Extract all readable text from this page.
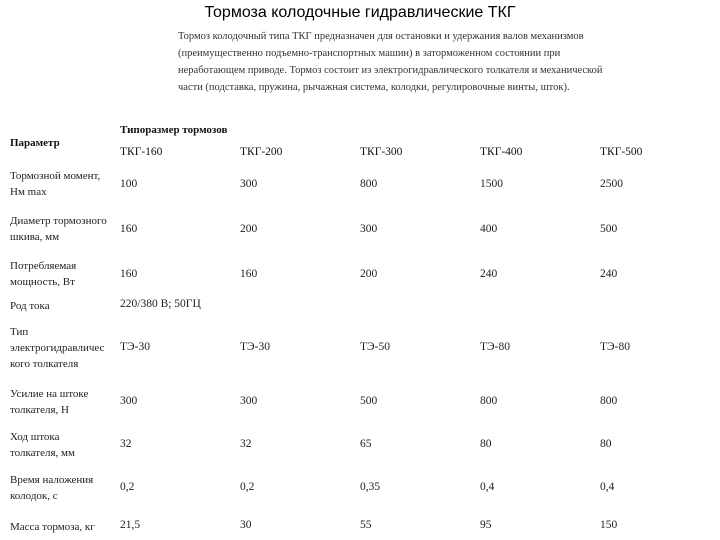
Тормоза колодочные гидравлические ТКГ
Тормоз колодочный типа ТКГ предназначен для остановки и удержания валов механизмов
(преимущественно подъемно-транспортных машин) в заторможенном состоянии при
неработающем приводе. Тормоз состоит из электрогидравлического толкателя и механической
части (подставка, пружина, рычажная система, колодки, регулировочные винты, шток).
Параметр
Типоразмер тормозов
ТКГ-160	ТКГ-200	ТКГ-300	ТКГ-400	ТКГ-500
Тормозной момент,
Нм max
100	300	800	1500	2500
Диаметр тормозного
шкива, мм
160	200	300	400	500
Потребляемая
мощность, Вт
160	160	200	240	240
Род тока	220/380 В; 50ГЦ
Тип
электрогидравличес
кого толкателя
ТЭ-30	ТЭ-30	ТЭ-50	ТЭ-80	ТЭ-80
Усилие на штоке
толкателя, Н
300	300	500	800	800
Ход штока
толкателя, мм
32	32	65	80	80
Время наложения
колодок, с
0,2	0,2	0,35	0,4	0,4
Масса тормоза, кг 21,5	30	55	95	150
